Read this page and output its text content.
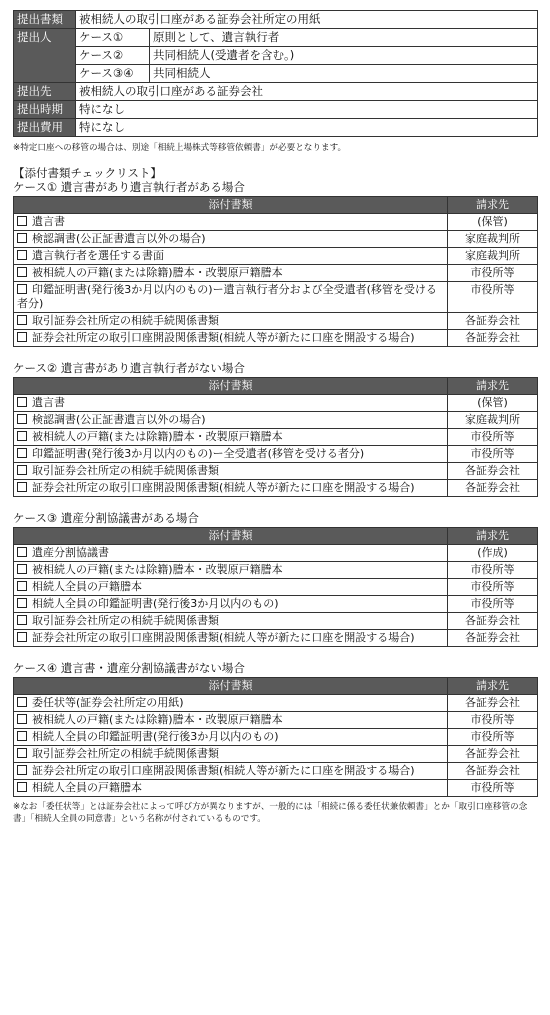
提出書類	被相続人の取引口座がある証券会社所定の用紙	
提出人	ケース①	原則として、遺言執行者
	ケース②	共同相続人(受遺者を含む。)
	ケース③④	共同相続人
提出先	被相続人の取引口座がある証券会社	
提出時期	特になし	
提出費用	特になし	
※特定口座への移管の場合は、別途「相続上場株式等移管依頼書」が必要となります。
【添付書類チェックリスト】
ケース① 遺言書があり遺言執行者がある場合
添付書類	請求先
遺言書	(保管)
検認調書(公正証書遺言以外の場合)	家庭裁判所
遺言執行者を選任する書面	家庭裁判所
被相続人の戸籍(または除籍)謄本・改製原戸籍謄本	市役所等
印鑑証明書(発行後3か月以内のもの)ー遺言執行者分および全受遺者(移管を受ける者分)	市役所等
取引証券会社所定の相続手続関係書類	各証券会社
証券会社所定の取引口座開設関係書類(相続人等が新たに口座を開設する場合)	各証券会社
ケース② 遺言書があり遺言執行者がない場合
添付書類	請求先
遺言書	(保管)
検認調書(公正証書遺言以外の場合)	家庭裁判所
被相続人の戸籍(または除籍)謄本・改製原戸籍謄本	市役所等
印鑑証明書(発行後3か月以内のもの)ー全受遺者(移管を受ける者分)	市役所等
取引証券会社所定の相続手続関係書類	各証券会社
証券会社所定の取引口座開設関係書類(相続人等が新たに口座を開設する場合)	各証券会社
ケース③ 遺産分割協議書がある場合
添付書類	請求先
遺産分割協議書	(作成)
被相続人の戸籍(または除籍)謄本・改製原戸籍謄本	市役所等
相続人全員の戸籍謄本	市役所等
相続人全員の印鑑証明書(発行後3か月以内のもの)	市役所等
取引証券会社所定の相続手続関係書類	各証券会社
証券会社所定の取引口座開設関係書類(相続人等が新たに口座を開設する場合)	各証券会社
ケース④ 遺言書・遺産分割協議書がない場合
添付書類	請求先
委任状等(証券会社所定の用紙)	各証券会社
被相続人の戸籍(または除籍)謄本・改製原戸籍謄本	市役所等
相続人全員の印鑑証明書(発行後3か月以内のもの)	市役所等
取引証券会社所定の相続手続関係書類	各証券会社
証券会社所定の取引口座開設関係書類(相続人等が新たに口座を開設する場合)	各証券会社
相続人全員の戸籍謄本	市役所等
※なお「委任状等」とは証券会社によって呼び方が異なりますが、一般的には「相続に係る委任状兼依頼書」とか「取引口座移管の念書」「相続人全員の同意書」という名称が付されているものです。
